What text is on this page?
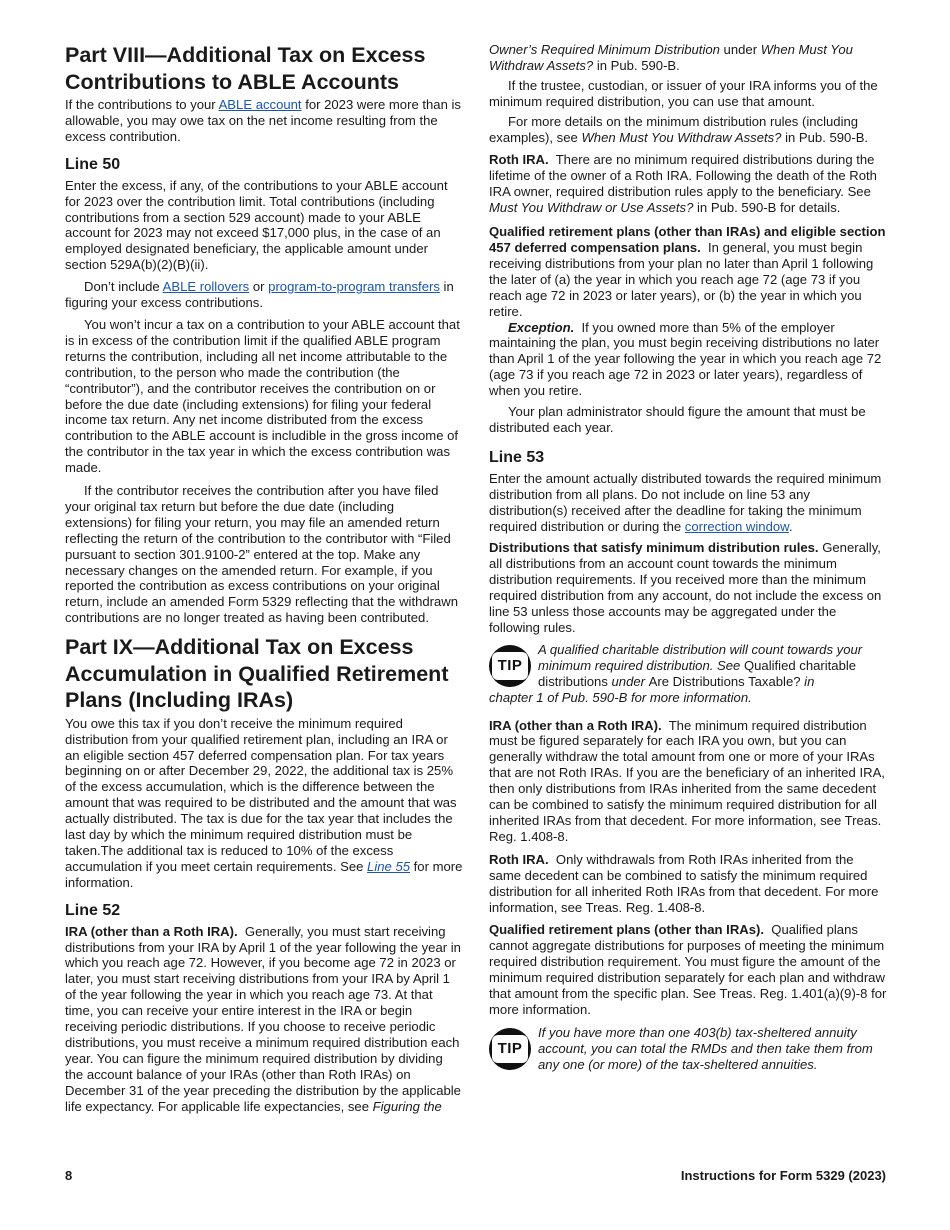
Part VIII—Additional Tax on Excess Contributions to ABLE Accounts

If the contributions to your ABLE account for 2023 were more than is allowable, you may owe tax on the net income resulting from the excess contribution.

Line 50

Enter the excess, if any, of the contributions to your ABLE account for 2023 over the contribution limit. Total contributions (including contributions from a section 529 account) made to your ABLE account for 2023 may not exceed $17,000 plus, in the case of an employed designated beneficiary, the applicable amount under section 529A(b)(2)(B)(ii).

Don’t include ABLE rollovers or program-to-program transfers in figuring your excess contributions.

You won’t incur a tax on a contribution to your ABLE account that is in excess of the contribution limit if the qualified ABLE program returns the contribution, including all net income attributable to the contribution, to the person who made the contribution (the “contributor”), and the contributor receives the contribution on or before the due date (including extensions) for filing your federal income tax return. Any net income distributed from the excess contribution to the ABLE account is includible in the gross income of the contributor in the tax year in which the excess contribution was made.

If the contributor receives the contribution after you have filed your original tax return but before the due date (including extensions) for filing your return, you may file an amended return reflecting the return of the contribution to the contributor with “Filed pursuant to section 301.9100-2” entered at the top. Make any necessary changes on the amended return. For example, if you reported the contribution as excess contributions on your original return, include an amended Form 5329 reflecting that the withdrawn contributions are no longer treated as having been contributed.

Part IX—Additional Tax on Excess Accumulation in Qualified Retirement Plans (Including IRAs)

You owe this tax if you don’t receive the minimum required distribution from your qualified retirement plan, including an IRA or an eligible section 457 deferred compensation plan. For tax years beginning on or after December 29, 2022, the additional tax is 25% of the excess accumulation, which is the difference between the amount that was required to be distributed and the amount that was actually distributed. The tax is due for the tax year that includes the last day by which the minimum required distribution must be taken.The additional tax is reduced to 10% of the excess accumulation if you meet certain requirements. See Line 55 for more information.

Line 52

IRA (other than a Roth IRA). Generally, you must start receiving distributions from your IRA by April 1 of the year following the year in which you reach age 72. However, if you become age 72 in 2023 or later, you must start receiving distributions from your IRA by April 1 of the year following the year in which you reach age 73. At that time, you can receive your entire interest in the IRA or begin receiving periodic distributions. If you choose to receive periodic distributions, you must receive a minimum required distribution each year. You can figure the minimum required distribution by dividing the account balance of your IRAs (other than Roth IRAs) on December 31 of the year preceding the distribution by the applicable life expectancy. For applicable life expectancies, see Figuring the

Owner’s Required Minimum Distribution under When Must You Withdraw Assets? in Pub. 590-B.

If the trustee, custodian, or issuer of your IRA informs you of the minimum required distribution, you can use that amount.

For more details on the minimum distribution rules (including examples), see When Must You Withdraw Assets? in Pub. 590-B.

Roth IRA. There are no minimum required distributions during the lifetime of the owner of a Roth IRA. Following the death of the Roth IRA owner, required distribution rules apply to the beneficiary. See Must You Withdraw or Use Assets? in Pub. 590-B for details.

Qualified retirement plans (other than IRAs) and eligible section 457 deferred compensation plans. In general, you must begin receiving distributions from your plan no later than April 1 following the later of (a) the year in which you reach age 72 (age 73 if you reach age 72 in 2023 or later years), or (b) the year in which you retire.

Exception. If you owned more than 5% of the employer maintaining the plan, you must begin receiving distributions no later than April 1 of the year following the year in which you reach age 72 (age 73 if you reach age 72 in 2023 or later years), regardless of when you retire.

Your plan administrator should figure the amount that must be distributed each year.

Line 53

Enter the amount actually distributed towards the required minimum distribution from all plans. Do not include on line 53 any distribution(s) received after the deadline for taking the minimum required distribution or during the correction window.

Distributions that satisfy minimum distribution rules. Generally, all distributions from an account count towards the minimum distribution requirements. If you received more than the minimum required distribution from any account, do not include the excess on line 53 unless those accounts may be aggregated under the following rules.

TIP
A qualified charitable distribution will count towards your minimum required distribution. See Qualified charitable distributions under Are Distributions Taxable? in
chapter 1 of Pub. 590-B for more information.

IRA (other than a Roth IRA). The minimum required distribution must be figured separately for each IRA you own, but you can generally withdraw the total amount from one or more of your IRAs that are not Roth IRAs. If you are the beneficiary of an inherited IRA, then only distributions from IRAs inherited from the same decedent can be combined to satisfy the minimum required distribution for all inherited IRAs from that decedent. For more information, see Treas. Reg. 1.408-8.

Roth IRA. Only withdrawals from Roth IRAs inherited from the same decedent can be combined to satisfy the minimum required distribution for all inherited Roth IRAs from that decedent. For more information, see Treas. Reg. 1.408-8.

Qualified retirement plans (other than IRAs). Qualified plans cannot aggregate distributions for purposes of meeting the minimum required distribution requirement. You must figure the amount of the minimum required distribution separately for each plan and withdraw that amount from the specific plan. See Treas. Reg. 1.401(a)(9)-8 for more information.

TIP
If you have more than one 403(b) tax-sheltered annuity account, you can total the RMDs and then take them from any one (or more) of the tax-sheltered annuities.
8	Instructions for Form 5329 (2023)
